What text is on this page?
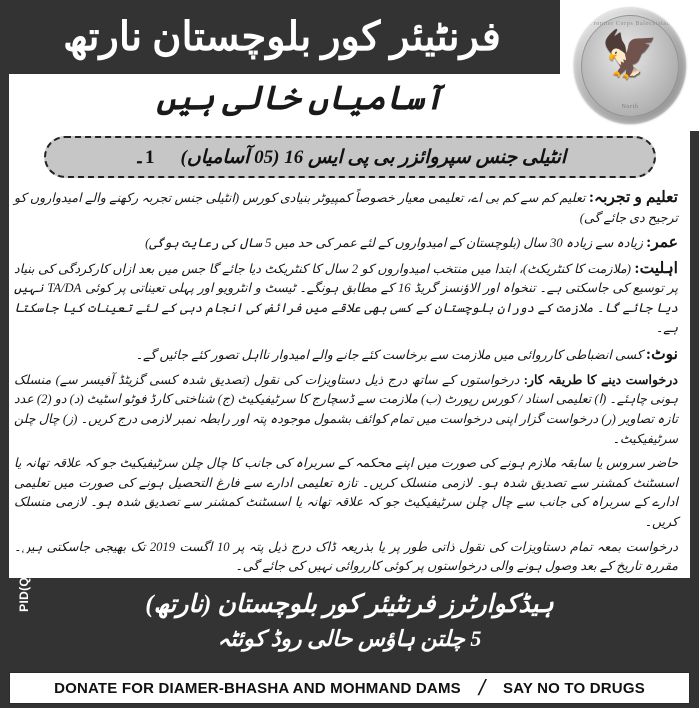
فرنٹیئر کور بلوچستان نارتھ	Frontier Corps Balochistan
🦅
North
آسامیاں خالی ہیں
1۔ انٹیلی جنس سپروائزر بی پی ایس 16 (05 آسامیاں)

تعلیم و تجربہ: تعلیم کم سے کم بی اے، تعلیمی معیار خصوصاً کمپیوٹر بنیادی کورس (انٹیلی جنس تجربہ رکھنے والے امیدواروں کو ترجیح دی جائے گی)

عمر: زیادہ سے زیادہ 30 سال (بلوچستان کے امیدواروں کے لئے عمر کی حد میں 5 سال کی رعایت ہوگی)

اہلیت: (ملازمت کا کنٹریکٹ)، ابتدا میں منتخب امیدواروں کو 2 سال کا کنٹریکٹ دیا جائے گا جس میں بعد ازاں کارکردگی کی بنیاد پر توسیع کی جاسکتی ہے۔ تنخواہ اور الاؤنسز گریڈ 16 کے مطابق ہونگے۔ ٹیسٹ و انٹرویو اور پہلی تعیناتی پر کوئی TA/DA نہیں دیا جائے گا۔ ملازمت کے دوران بلوچستان کے کسی بھی علاقے میں فرائض کی انجام دہی کے لئے تعینات کیا جاسکتا ہے۔

نوٹ: کسی انضباطی کارروائی میں ملازمت سے برخاست کئے جانے والے امیدوار نااہل تصور کئے جائیں گے۔

درخواست دینے کا طریقہ کار: درخواستوں کے ساتھ درج ذیل دستاویزات کی نقول (تصدیق شدہ کسی گزیٹڈ آفیسر سے) منسلک ہونی چاہئے۔ (ا) تعلیمی اسناد / کورس رپورٹ (ب) ملازمت سے ڈسچارج کا سرٹیفیکیٹ (ج) شناختی کارڈ فوٹو اسٹیٹ (د) دو (2) عدد تازہ تصاویر (ر) درخواست گزار اپنی درخواست میں تمام کوائف بشمول موجودہ پتہ اور رابطہ نمبر لازمی درج کریں۔ (ز) چال چلن سرٹیفیکیٹ۔

حاضر سروس یا سابقہ ملازم ہونے کی صورت میں اپنے محکمہ کے سربراہ کی جانب کا چال چلن سرٹیفیکیٹ جو کہ علاقہ تھانہ یا اسسٹنٹ کمشنر سے تصدیق شدہ ہو۔ لازمی منسلک کریں۔ تازہ تعلیمی ادارے سے فارغ التحصیل ہونے کی صورت میں تعلیمی ادارے کے سربراہ کی جانب سے چال چلن سرٹیفیکیٹ جو کہ علاقہ تھانہ یا اسسٹنٹ کمشنر سے تصدیق شدہ ہو۔ لازمی منسلک کریں۔

درخواست بمعہ تمام دستاویزات کی نقول ذاتی طور پر یا بذریعہ ڈاک درج ذیل پتہ پر 10 اگست 2019 تک بھیجی جاسکتی ہیں۔ مقررہ تاریخ کے بعد وصول ہونے والی درخواستوں پر کوئی کارروائی نہیں کی جائے گی۔

ہیڈکوارٹرز فرنٹیئر کور بلوچستان (نارتھ)
5 چلتن ہاؤس حالی روڈ کوئٹہ
PID(Q)319/19
DONATE FOR DIAMER-BHASHA AND MOHMAND DAMS /	SAY NO TO DRUGS
